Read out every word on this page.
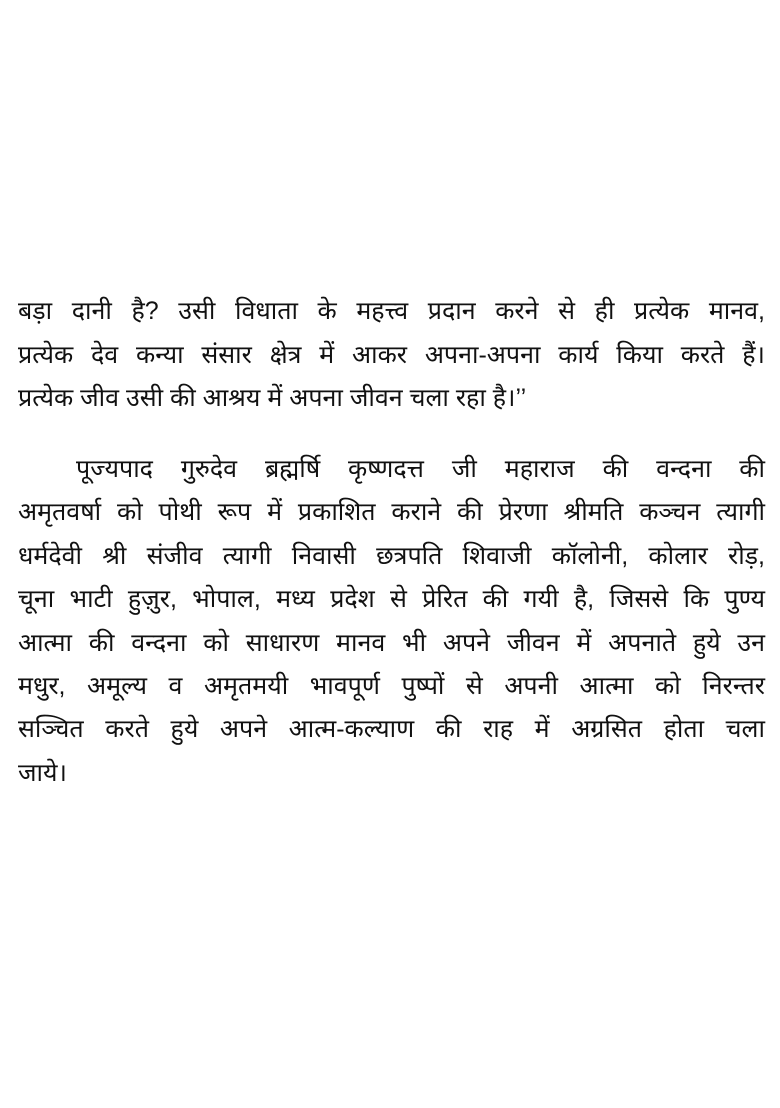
बड़ा दानी है? उसी विधाता के महत्त्व प्रदान करने से ही प्रत्येक मानव,
प्रत्येक देव कन्या संसार क्षेत्र में आकर अपना-अपना कार्य किया करते हैं।
प्रत्येक जीव उसी की आश्रय में अपना जीवन चला रहा है।’’
पूज्यपाद गुरुदेव ब्रह्मर्षि कृष्णदत्त जी महाराज की वन्दना की
अमृतवर्षा को पोथी रूप में प्रकाशित कराने की प्रेरणा श्रीमति कञ्चन त्यागी
धर्मदेवी श्री संजीव त्यागी निवासी छत्रपति शिवाजी कॉलोनी, कोलार रोड़,
चूना भाटी हुज़ुर, भोपाल, मध्य प्रदेश से प्रेरित की गयी है, जिससे कि पुण्य
आत्मा की वन्दना को साधारण मानव भी अपने जीवन में अपनाते हुये उन
मधुर, अमूल्य व अमृतमयी भावपूर्ण पुष्पों से अपनी आत्मा को निरन्तर
सञ्चित करते हुये अपने आत्म-कल्याण की राह में अग्रसित होता चला
जाये।
